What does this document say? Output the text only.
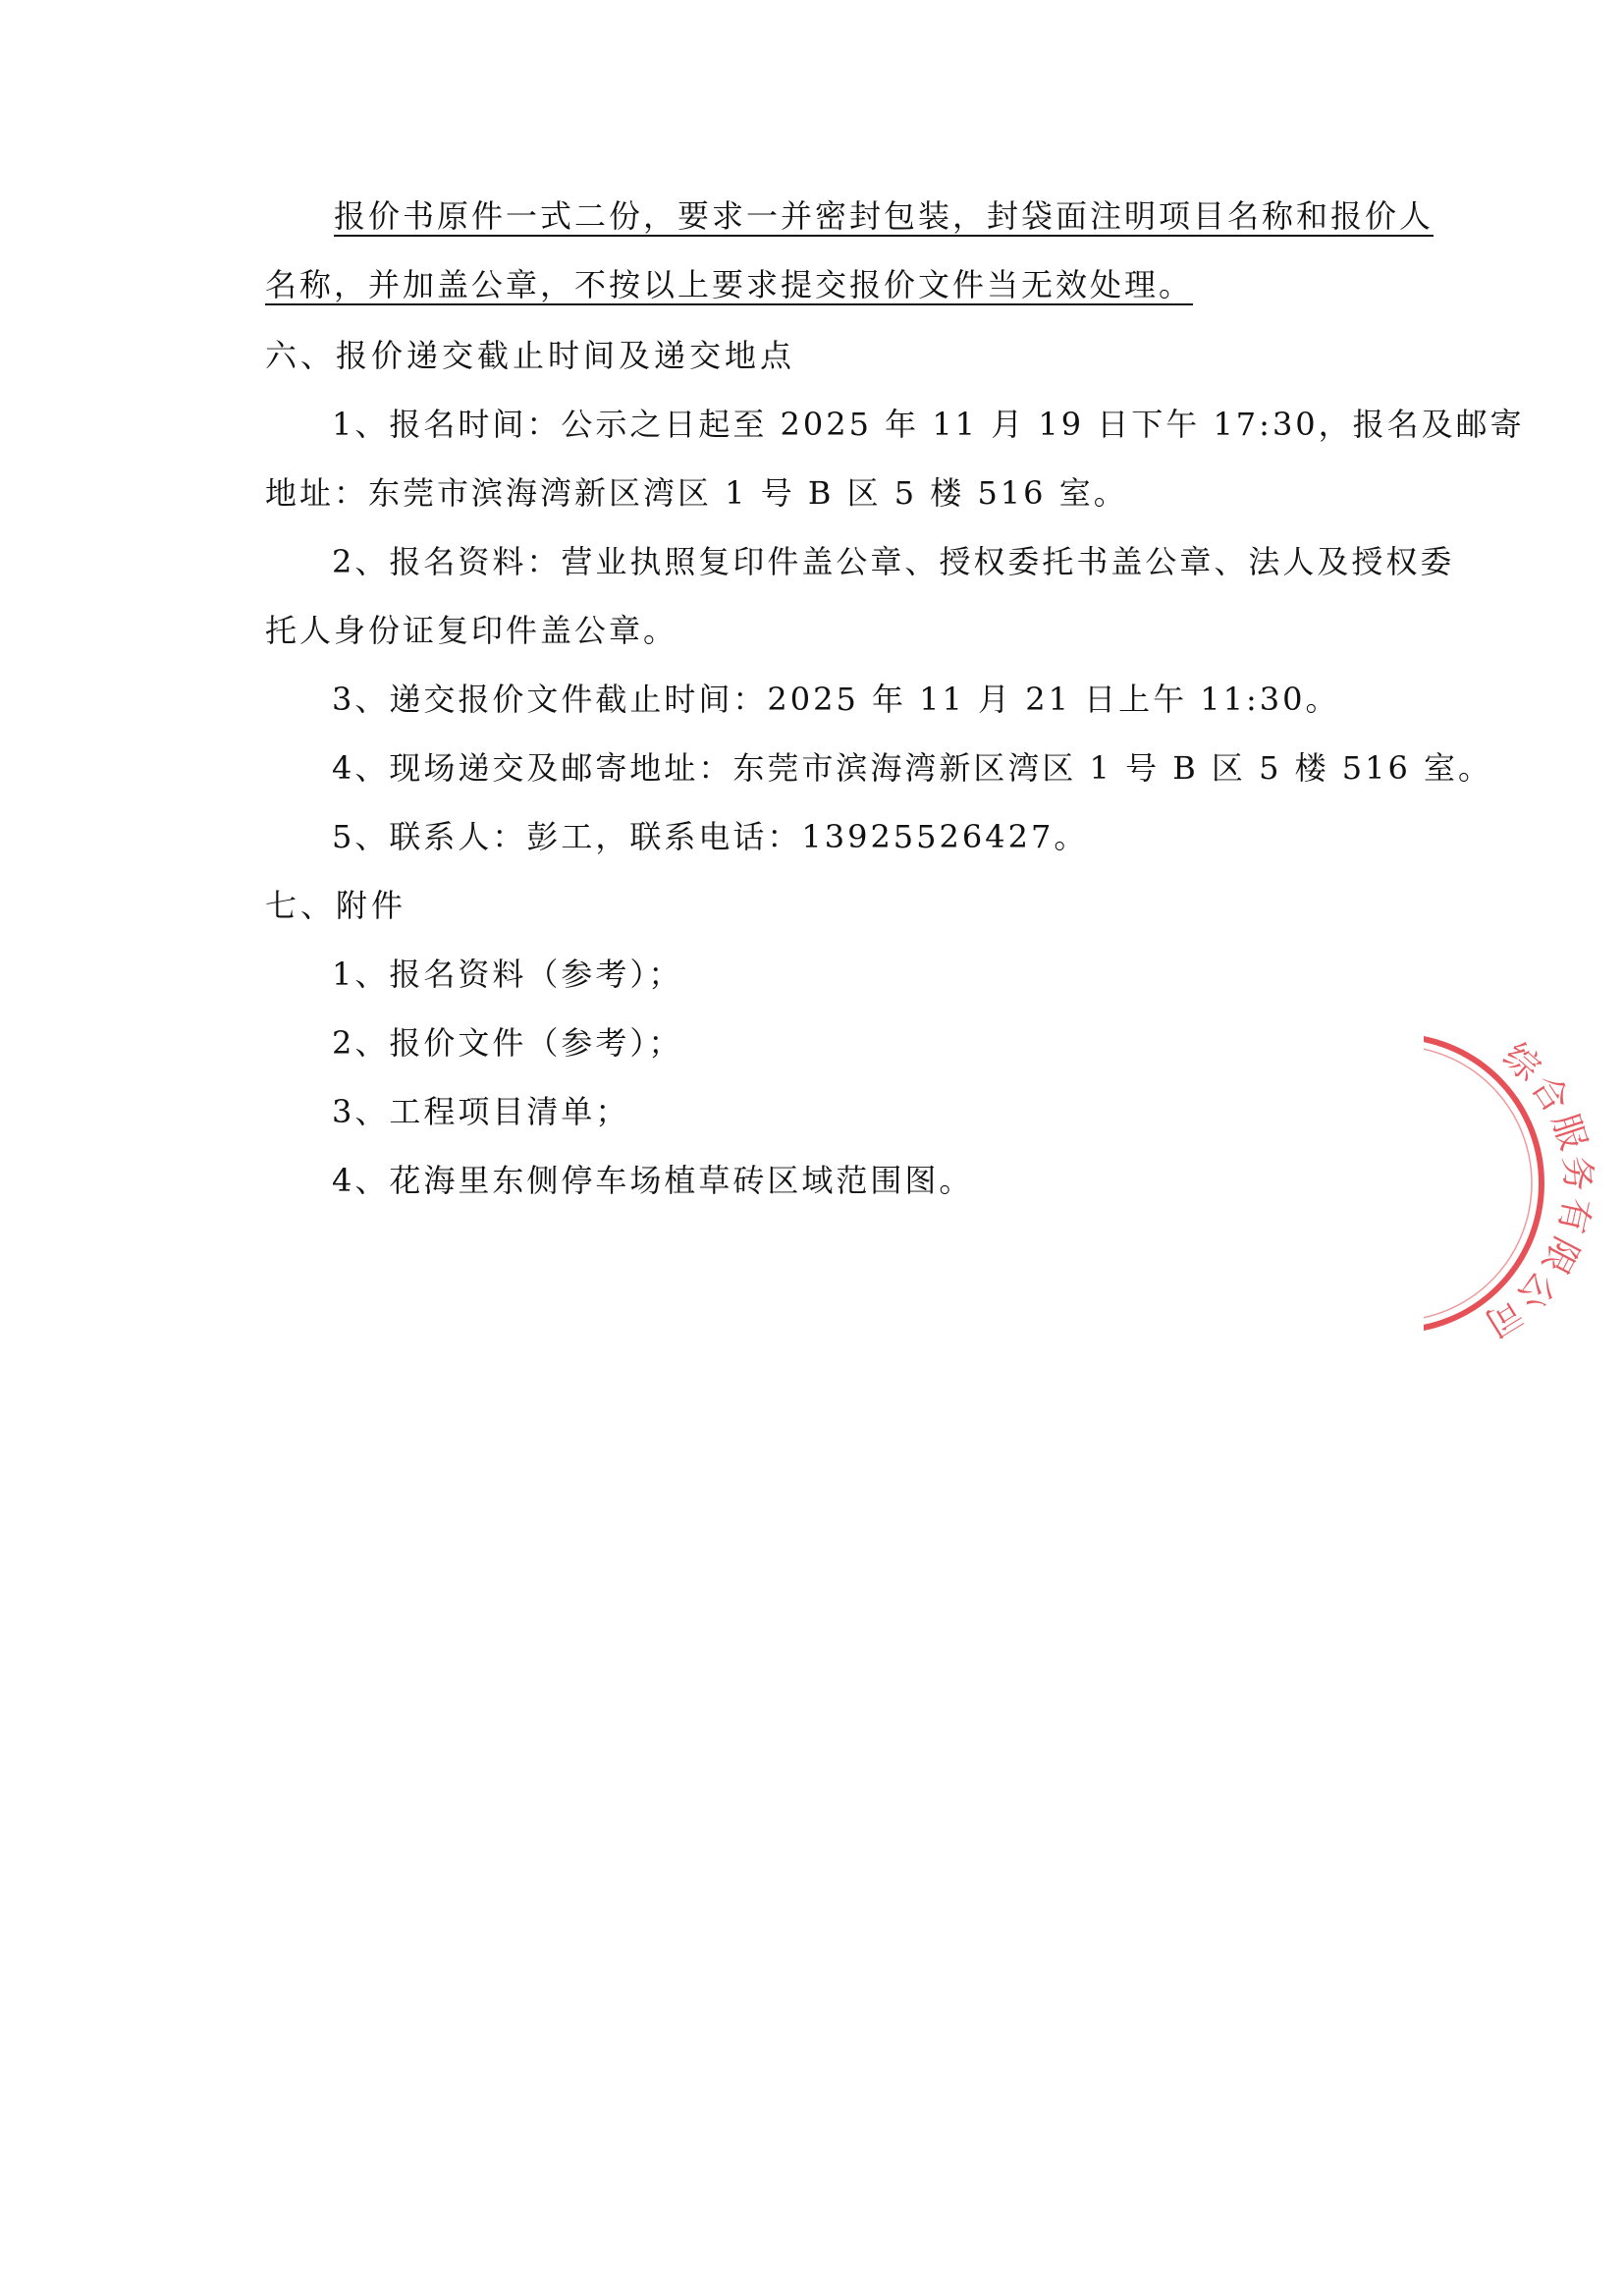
报价书原件一式二份，要求一并密封包装，封袋面注明项目名称和报价人
名称，并加盖公章，不按以上要求提交报价文件当无效处理。
六、报价递交截止时间及递交地点
1、报名时间：公示之日起至 2025 年 11 月 19 日下午 17:30，报名及邮寄
地址：东莞市滨海湾新区湾区 1 号 B 区 5 楼 516 室。
2、报名资料：营业执照复印件盖公章、授权委托书盖公章、法人及授权委
托人身份证复印件盖公章。
3、递交报价文件截止时间：2025 年 11 月 21 日上午 11:30。
4、现场递交及邮寄地址：东莞市滨海湾新区湾区 1 号 B 区 5 楼 516 室。
5、联系人：彭工，联系电话：13925526427。
七、附件
1、报名资料（参考）；
2、报价文件（参考）；
3、工程项目清单；
4、花海里东侧停车场植草砖区域范围图。
综合服务有限公司
